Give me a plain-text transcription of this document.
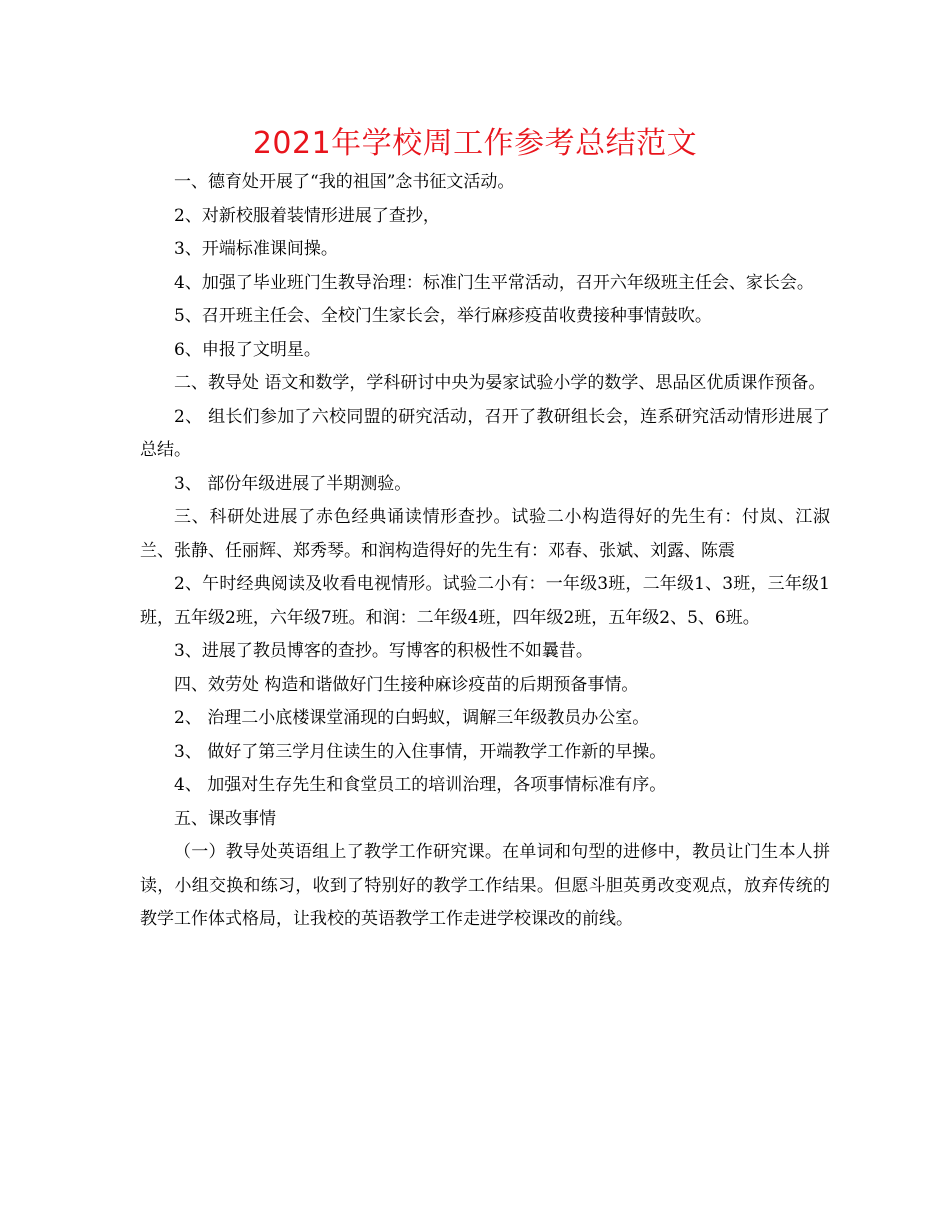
2021年学校周工作参考总结范文

一、德育处开展了“我的祖国”念书征文活动。

2、对新校服着装情形进展了查抄，

3、开端标准课间操。

4、加强了毕业班门生教导治理：标准门生平常活动，召开六年级班主任会、家长会。

5、召开班主任会、全校门生家长会，举行麻疹疫苗收费接种事情鼓吹。

6、申报了文明星。

二、教导处 语文和数学，学科研讨中央为晏家试验小学的数学、思品区优质课作预备。

2、 组长们参加了六校同盟的研究活动，召开了教研组长会，连系研究活动情形进展了总结。

3、 部份年级进展了半期测验。

三、科研处进展了赤色经典诵读情形查抄。试验二小构造得好的先生有：付岚、江淑兰、张静、任丽辉、郑秀琴。和润构造得好的先生有：邓春、张斌、刘露、陈震

2、午时经典阅读及收看电视情形。试验二小有：一年级3班，二年级1、3班，三年级1班，五年级2班，六年级7班。和润：二年级4班，四年级2班，五年级2、5、6班。

3、进展了教员博客的查抄。写博客的积极性不如曩昔。

四、效劳处 构造和谐做好门生接种麻诊疫苗的后期预备事情。

2、 治理二小底楼课堂涌现的白蚂蚁，调解三年级教员办公室。

3、 做好了第三学月住读生的入住事情，开端教学工作新的早操。

4、 加强对生存先生和食堂员工的培训治理，各项事情标准有序。

五、课改事情

（一）教导处英语组上了教学工作研究课。在单词和句型的进修中，教员让门生本人拼读，小组交换和练习，收到了特别好的教学工作结果。但愿斗胆英勇改变观点，放弃传统的教学工作体式格局，让我校的英语教学工作走进学校课改的前线。
